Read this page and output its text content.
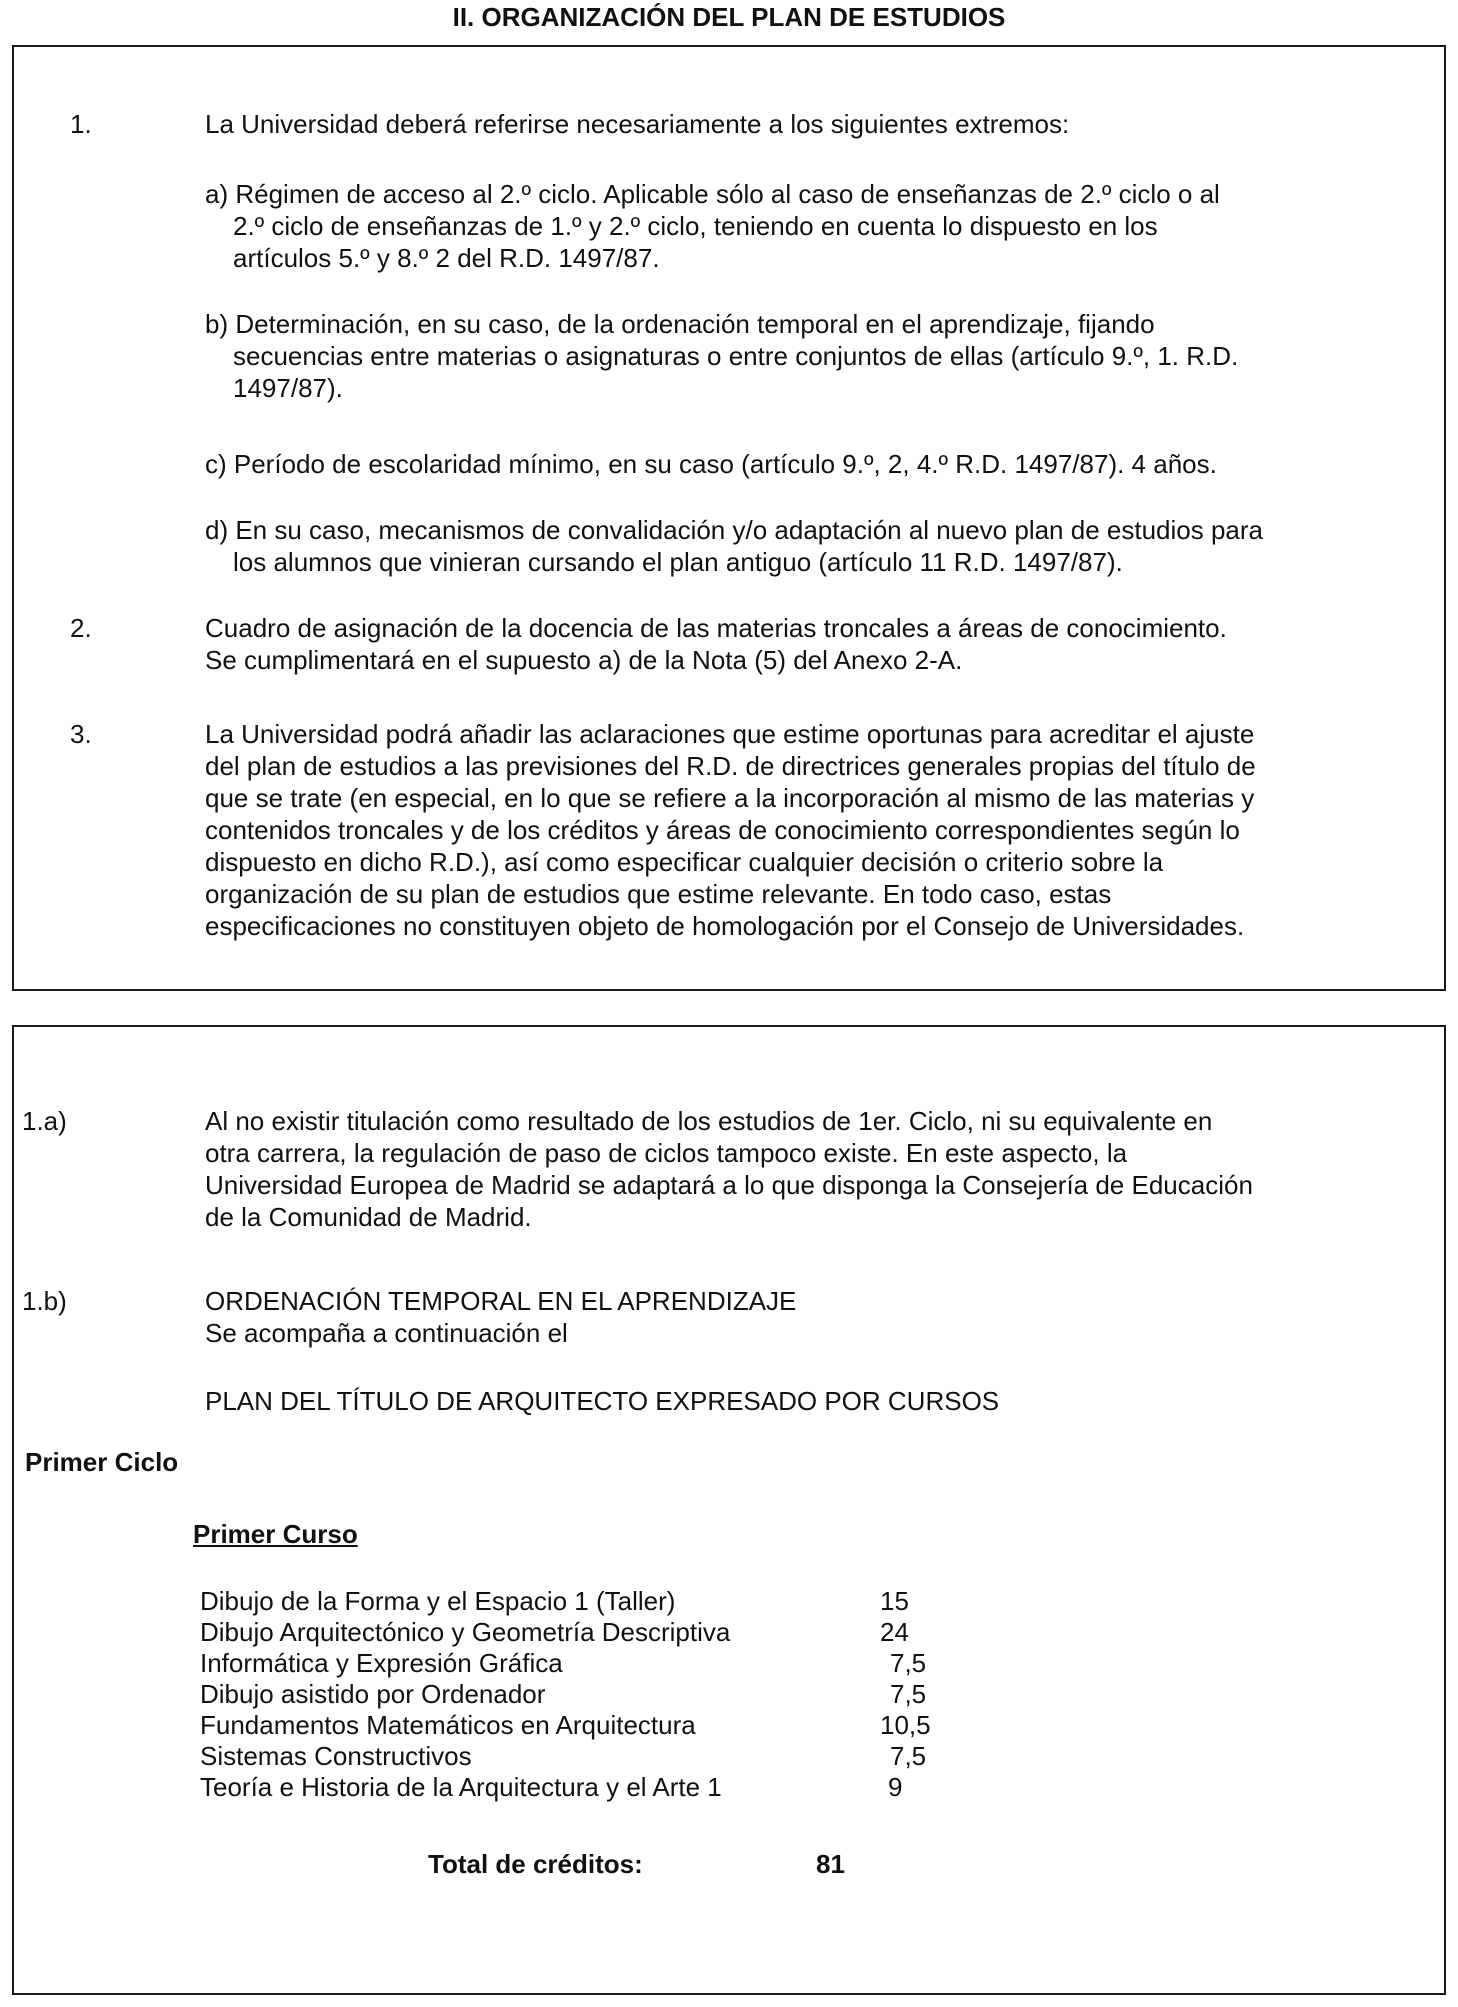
II. ORGANIZACIÓN DEL PLAN DE ESTUDIOS
1.	La Universidad deberá referirse necesariamente a los siguientes extremos:
a) Régimen de acceso al 2.º ciclo. Aplicable sólo al caso de enseñanzas de 2.º ciclo o al
2.º ciclo de enseñanzas de 1.º y 2.º ciclo, teniendo en cuenta lo dispuesto en los
artículos 5.º y 8.º 2 del R.D. 1497/87.
b) Determinación, en su caso, de la ordenación temporal en el aprendizaje, fijando
secuencias entre materias o asignaturas o entre conjuntos de ellas (artículo 9.º, 1. R.D.
1497/87).
c) Período de escolaridad mínimo, en su caso (artículo 9.º, 2, 4.º R.D. 1497/87). 4 años.
d) En su caso, mecanismos de convalidación y/o adaptación al nuevo plan de estudios para
los alumnos que vinieran cursando el plan antiguo (artículo 11 R.D. 1497/87).
2.	Cuadro de asignación de la docencia de las materias troncales a áreas de conocimiento.
Se cumplimentará en el supuesto a) de la Nota (5) del Anexo 2-A.
3.	La Universidad podrá añadir las aclaraciones que estime oportunas para acreditar el ajuste
del plan de estudios a las previsiones del R.D. de directrices generales propias del título de
que se trate (en especial, en lo que se refiere a la incorporación al mismo de las materias y
contenidos troncales y de los créditos y áreas de conocimiento correspondientes según lo
dispuesto en dicho R.D.), así como especificar cualquier decisión o criterio sobre la
organización de su plan de estudios que estime relevante. En todo caso, estas
especificaciones no constituyen objeto de homologación por el Consejo de Universidades.
1.a)	Al no existir titulación como resultado de los estudios de 1er. Ciclo, ni su equivalente en
otra carrera, la regulación de paso de ciclos tampoco existe. En este aspecto, la
Universidad Europea de Madrid se adaptará a lo que disponga la Consejería de Educación
de la Comunidad de Madrid.
1.b)	ORDENACIÓN TEMPORAL EN EL APRENDIZAJE
Se acompaña a continuación el
PLAN DEL TÍTULO DE ARQUITECTO EXPRESADO POR CURSOS
Primer Ciclo
Primer Curso
Dibujo de la Forma y el Espacio 1 (Taller)	15
Dibujo Arquitectónico y Geometría Descriptiva	24
Informática y Expresión Gráfica	7,5
Dibujo asistido por Ordenador	7,5
Fundamentos Matemáticos en Arquitectura	10,5
Sistemas Constructivos	7,5
Teoría e Historia de la Arquitectura y el Arte 1	9
Total de créditos:	81
